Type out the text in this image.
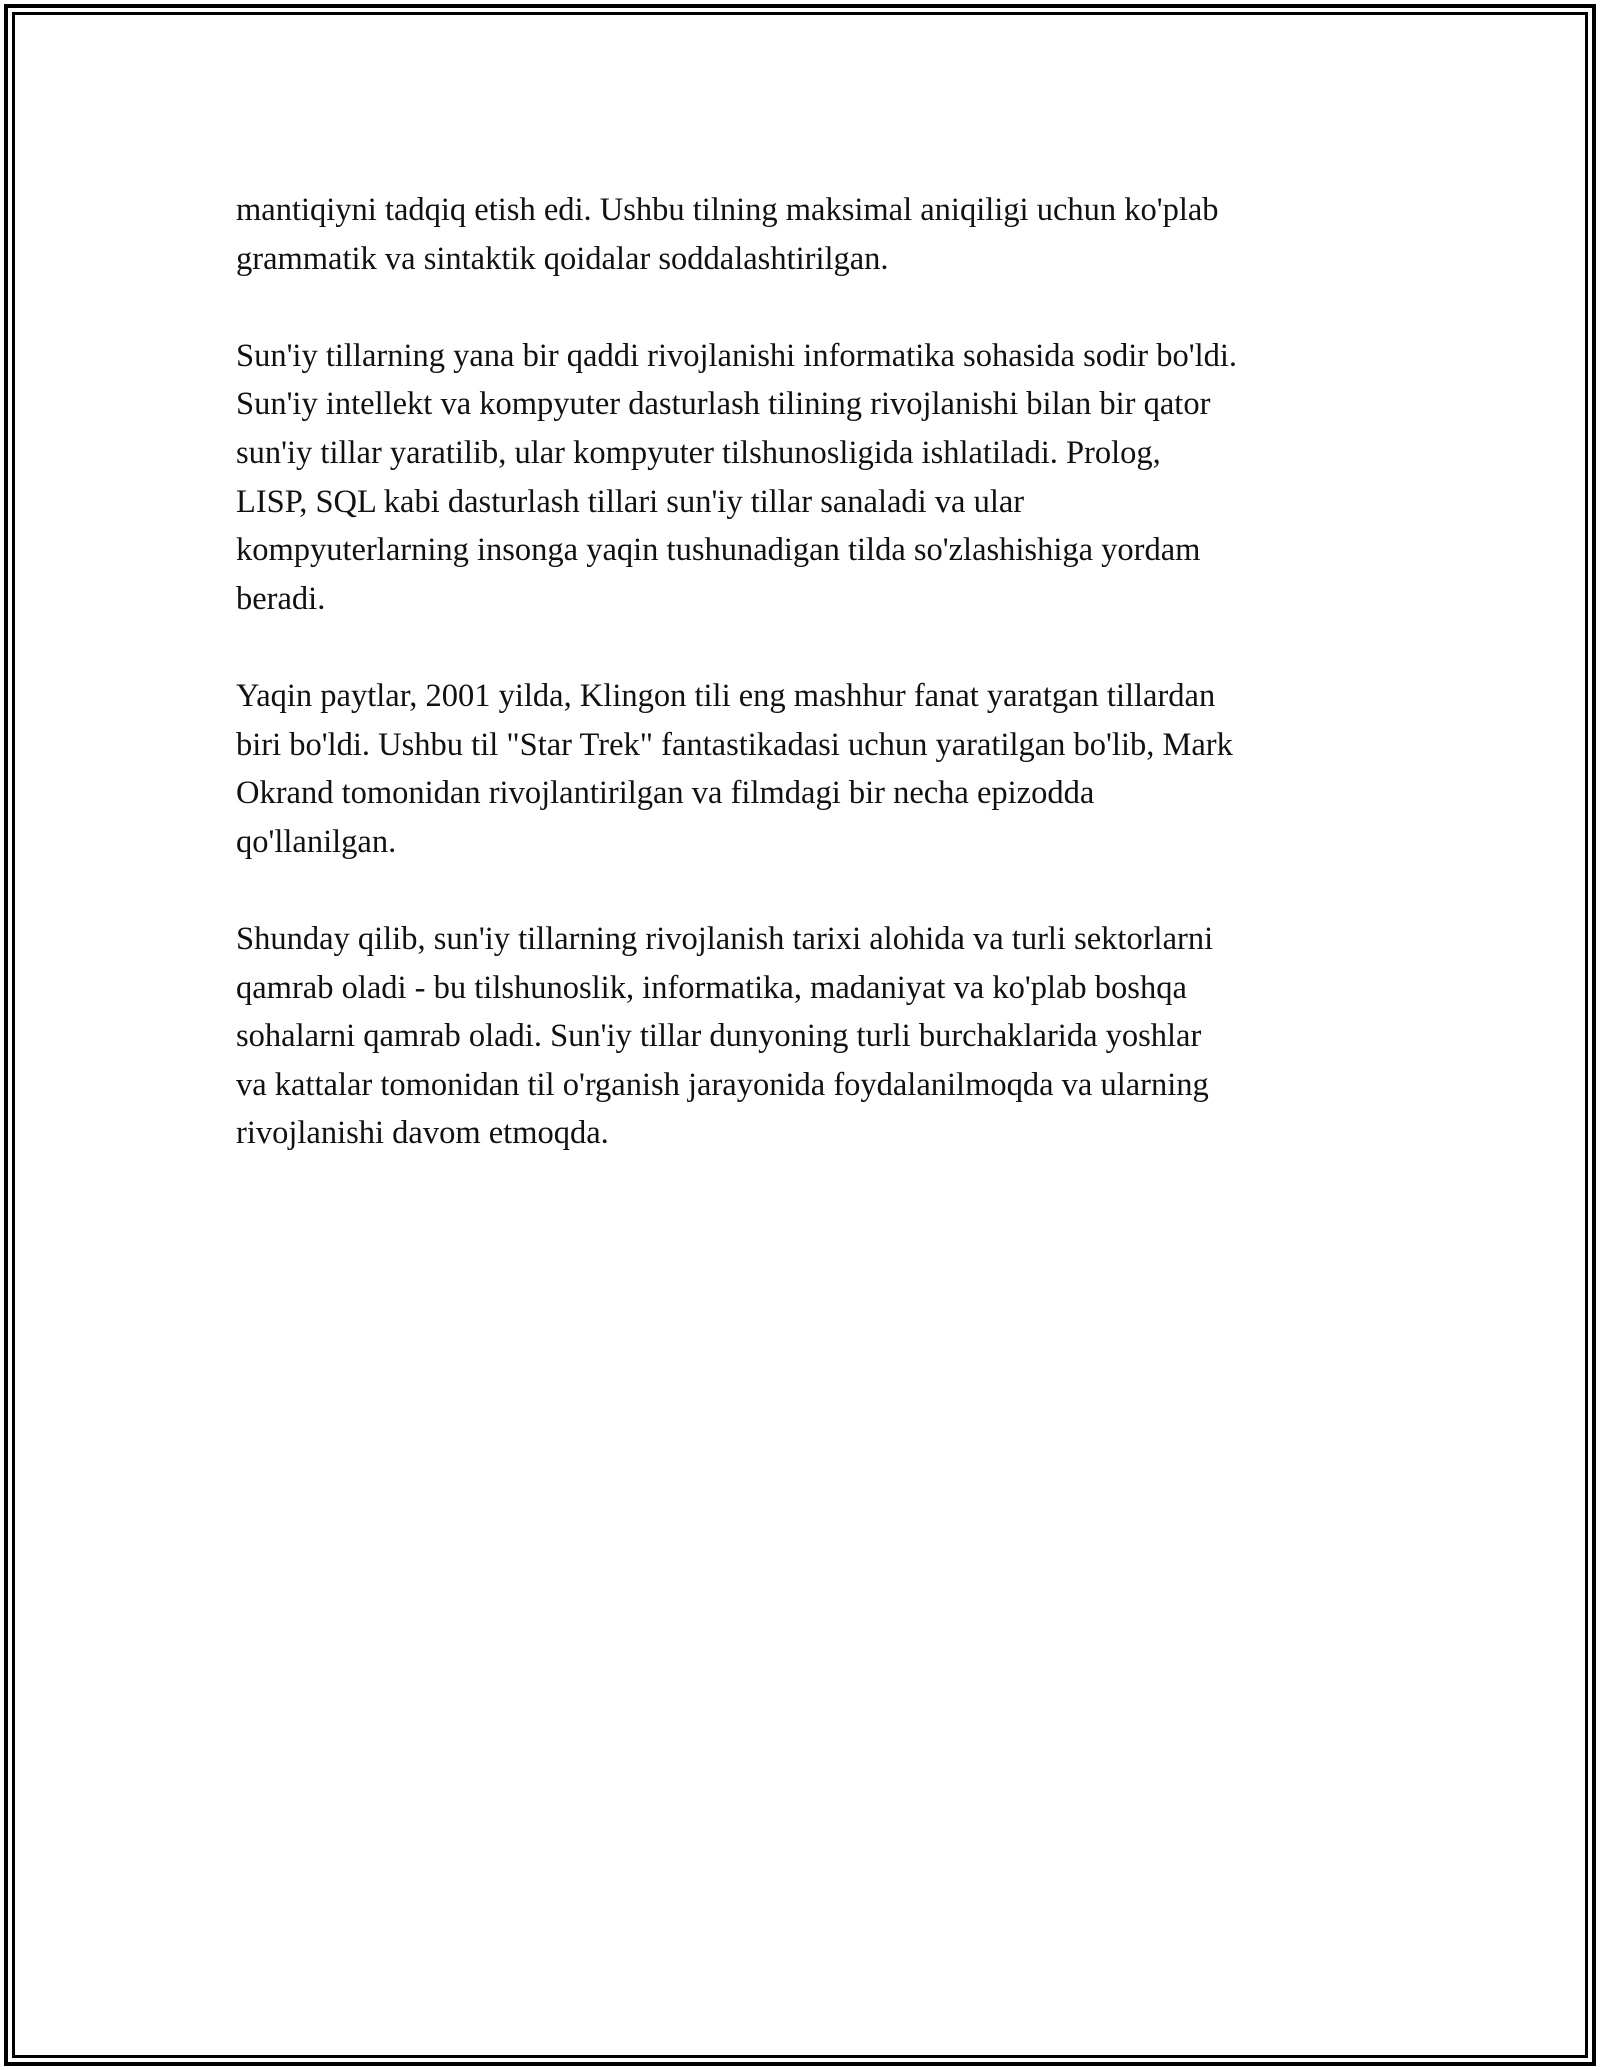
mantiqiyni tadqiq etish edi. Ushbu tilning maksimal aniqiligi uchun ko'plab
grammatik va sintaktik qoidalar soddalashtirilgan.

Sun'iy tillarning yana bir qaddi rivojlanishi informatika sohasida sodir bo'ldi.
Sun'iy intellekt va kompyuter dasturlash tilining rivojlanishi bilan bir qator
sun'iy tillar yaratilib, ular kompyuter tilshunosligida ishlatiladi. Prolog,
LISP, SQL kabi dasturlash tillari sun'iy tillar sanaladi va ular
kompyuterlarning insonga yaqin tushunadigan tilda so'zlashishiga yordam
beradi.

Yaqin paytlar, 2001 yilda, Klingon tili eng mashhur fanat yaratgan tillardan
biri bo'ldi. Ushbu til "Star Trek" fantastikadasi uchun yaratilgan bo'lib, Mark
Okrand tomonidan rivojlantirilgan va filmdagi bir necha epizodda
qo'llanilgan.

Shunday qilib, sun'iy tillarning rivojlanish tarixi alohida va turli sektorlarni
qamrab oladi - bu tilshunoslik, informatika, madaniyat va ko'plab boshqa
sohalarni qamrab oladi. Sun'iy tillar dunyoning turli burchaklarida yoshlar
va kattalar tomonidan til o'rganish jarayonida foydalanilmoqda va ularning
rivojlanishi davom etmoqda.
